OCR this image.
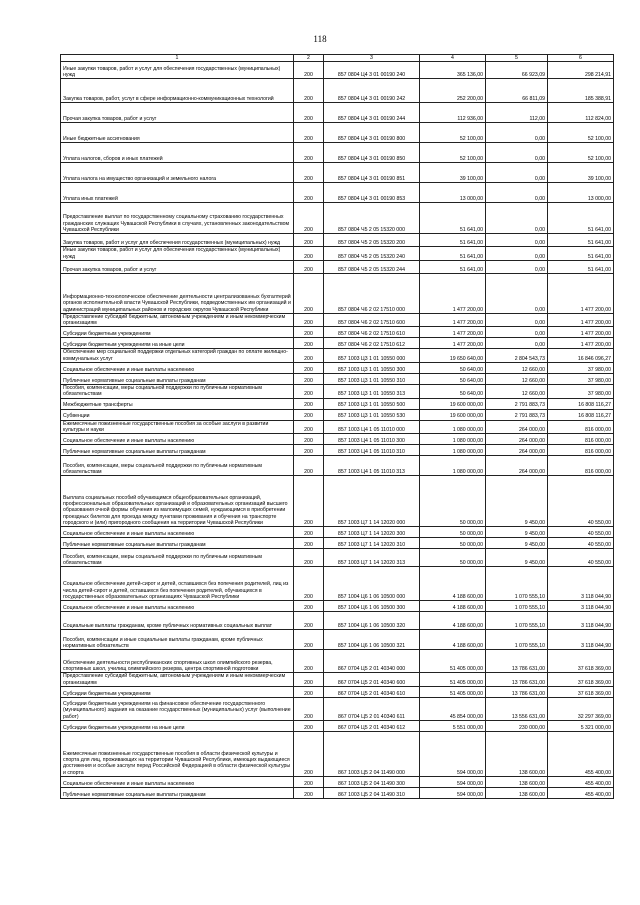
118
1	2	3	4	5	6
Иные закупки товаров, работ и услуг для обеспечения государственных (муниципальных) нужд	200	857 0804 Ц4 3 01 00190 240	365 136,00	66 923,09	298 214,91
Закупка товаров, работ, услуг в сфере информационно-коммуникационных технологий	200	857 0804 Ц4 3 01 00190 242	252 200,00	66 811,09	185 388,91
Прочая закупка товаров, работ и услуг	200	857 0804 Ц4 3 01 00190 244	112 936,00	112,00	112 824,00
Иные бюджетные ассигнования	200	857 0804 Ц4 3 01 00190 800	52 100,00	0,00	52 100,00
Уплата налогов, сборов и иных платежей	200	857 0804 Ц4 3 01 00190 850	52 100,00	0,00	52 100,00
Уплата налога на имущество организаций и земельного налога	200	857 0804 Ц4 3 01 00190 851	39 100,00	0,00	39 100,00
Уплата иных платежей	200	857 0804 Ц4 3 01 00190 853	13 000,00	0,00	13 000,00
Предоставление выплат по государственному социальному страхованию государственных гражданских служащих Чувашской Республики в случаях, установленных законодательством Чувашской Республики	200	857 0804 Ч5 2 05 15320 000	51 641,00	0,00	51 641,00
Закупка товаров, работ и услуг для обеспечения государственных (муниципальных) нужд	200	857 0804 Ч5 2 05 15320 200	51 641,00	0,00	51 641,00
Иные закупки товаров, работ и услуг для обеспечения государственных (муниципальных) нужд	200	857 0804 Ч5 2 05 15320 240	51 641,00	0,00	51 641,00
Прочая закупка товаров, работ и услуг	200	857 0804 Ч5 2 05 15320 244	51 641,00	0,00	51 641,00
Информационно-технологическое обеспечение деятельности централизованных бухгалтерий органов исполнительной власти Чувашской Республики, подведомственных им организаций и администраций муниципальных районов и городских округов Чувашской Республики	200	857 0804 Ч6 2 02 17510 000	1 477 200,00	0,00	1 477 200,00
Предоставление субсидий бюджетным, автономным учреждениям и иным некоммерческим организациям	200	857 0804 Ч6 2 02 17510 600	1 477 200,00	0,00	1 477 200,00
Субсидии бюджетным учреждениям	200	857 0804 Ч6 2 02 17510 610	1 477 200,00	0,00	1 477 200,00
Субсидии бюджетным учреждениям на иные цели	200	857 0804 Ч6 2 02 17510 612	1 477 200,00	0,00	1 477 200,00
Обеспечение мер социальной поддержки отдельных категорий граждан по оплате жилищно-коммунальных услуг	200	857 1003 Ц3 1 01 10550 000	19 650 640,00	2 804 543,73	16 846 096,27
Социальное обеспечение и иные выплаты населению	200	857 1003 Ц3 1 01 10550 300	50 640,00	12 660,00	37 980,00
Публичные нормативные социальные выплаты гражданам	200	857 1003 Ц3 1 01 10550 310	50 640,00	12 660,00	37 980,00
Пособия, компенсации, меры социальной поддержки по публичным нормативным обязательствам	200	857 1003 Ц3 1 01 10550 313	50 640,00	12 660,00	37 980,00
Межбюджетные трансферты	200	857 1003 Ц3 1 01 10550 500	19 600 000,00	2 791 883,73	16 808 116,27
Субвенции	200	857 1003 Ц3 1 01 10550 530	19 600 000,00	2 791 883,73	16 808 116,27
Ежемесячные пожизненные государственные пособия за особые заслуги в развитии культуры и науки	200	857 1003 Ц4 1 05 11010 000	1 080 000,00	264 000,00	816 000,00
Социальное обеспечение и иные выплаты населению	200	857 1003 Ц4 1 05 11010 300	1 080 000,00	264 000,00	816 000,00
Публичные нормативные социальные выплаты гражданам	200	857 1003 Ц4 1 05 11010 310	1 080 000,00	264 000,00	816 000,00
Пособия, компенсации, меры социальной поддержки по публичным нормативным обязательствам	200	857 1003 Ц4 1 05 11010 313	1 080 000,00	264 000,00	816 000,00
Выплата социальных пособий обучающимся общеобразовательных организаций, профессиональных образовательных организаций и образовательных организаций высшего образования очной формы обучения из малоимущих семей, нуждающимся в приобретении проездных билетов для проезда между пунктами проживания и обучения на транспорте городского и (или) пригородного сообщения на территории Чувашской Республики	200	857 1003 Ц7 1 14 12020 000	50 000,00	9 450,00	40 550,00
Социальное обеспечение и иные выплаты населению	200	857 1003 Ц7 1 14 12020 300	50 000,00	9 450,00	40 550,00
Публичные нормативные социальные выплаты гражданам	200	857 1003 Ц7 1 14 12020 310	50 000,00	9 450,00	40 550,00
Пособия, компенсации, меры социальной поддержки по публичным нормативным обязательствам	200	857 1003 Ц7 1 14 12020 313	50 000,00	9 450,00	40 550,00
Социальное обеспечение детей-сирот и детей, оставшихся без попечения родителей, лиц из числа детей-сирот и детей, оставшихся без попечения родителей, обучающихся в государственных образовательных организациях Чувашской Республики	200	857 1004 Ц6 1 06 10500 000	4 188 600,00	1 070 555,10	3 118 044,90
Социальное обеспечение и иные выплаты населению	200	857 1004 Ц6 1 06 10500 300	4 188 600,00	1 070 555,10	3 118 044,90
Социальные выплаты гражданам, кроме публичных нормативных социальных выплат	200	857 1004 Ц6 1 06 10500 320	4 188 600,00	1 070 555,10	3 118 044,90
Пособия, компенсации и иные социальные выплаты гражданам, кроме публичных нормативных обязательств	200	857 1004 Ц6 1 06 10500 321	4 188 600,00	1 070 555,10	3 118 044,90
Обеспечение деятельности республиканских спортивных школ олимпийского резерва, спортивных школ, училищ олимпийского резерва, центра спортивной подготовки	200	867 0704 Ц5 2 01 40340 000	51 405 000,00	13 786 631,00	37 618 369,00
Предоставление субсидий бюджетным, автономным учреждениям и иным некоммерческим организациям	200	867 0704 Ц5 2 01 40340 600	51 405 000,00	13 786 631,00	37 618 369,00
Субсидии бюджетным учреждениям	200	867 0704 Ц5 2 01 40340 610	51 405 000,00	13 786 631,00	37 618 369,00
Субсидии бюджетным учреждениям на финансовое обеспечение государственного (муниципального) задания на оказание государственных (муниципальных) услуг (выполнение работ)	200	867 0704 Ц5 2 01 40340 611	45 854 000,00	13 556 631,00	32 297 369,00
Субсидии бюджетным учреждениям на иные цели	200	867 0704 Ц5 2 01 40340 612	5 551 000,00	230 000,00	5 321 000,00
Ежемесячные пожизненные государственные пособия в области физической культуры и спорта для лиц, проживающих на территории Чувашской Республики, имеющих выдающиеся достижения и особые заслуги перед Российской Федерацией в области физической культуры и спорта	200	867 1003 Ц5 2 04 11490 000	594 000,00	138 600,00	455 400,00
Социальное обеспечение и иные выплаты населению	200	867 1003 Ц5 2 04 11490 300	594 000,00	138 600,00	455 400,00
Публичные нормативные социальные выплаты гражданам	200	867 1003 Ц5 2 04 11490 310	594 000,00	138 600,00	455 400,00
